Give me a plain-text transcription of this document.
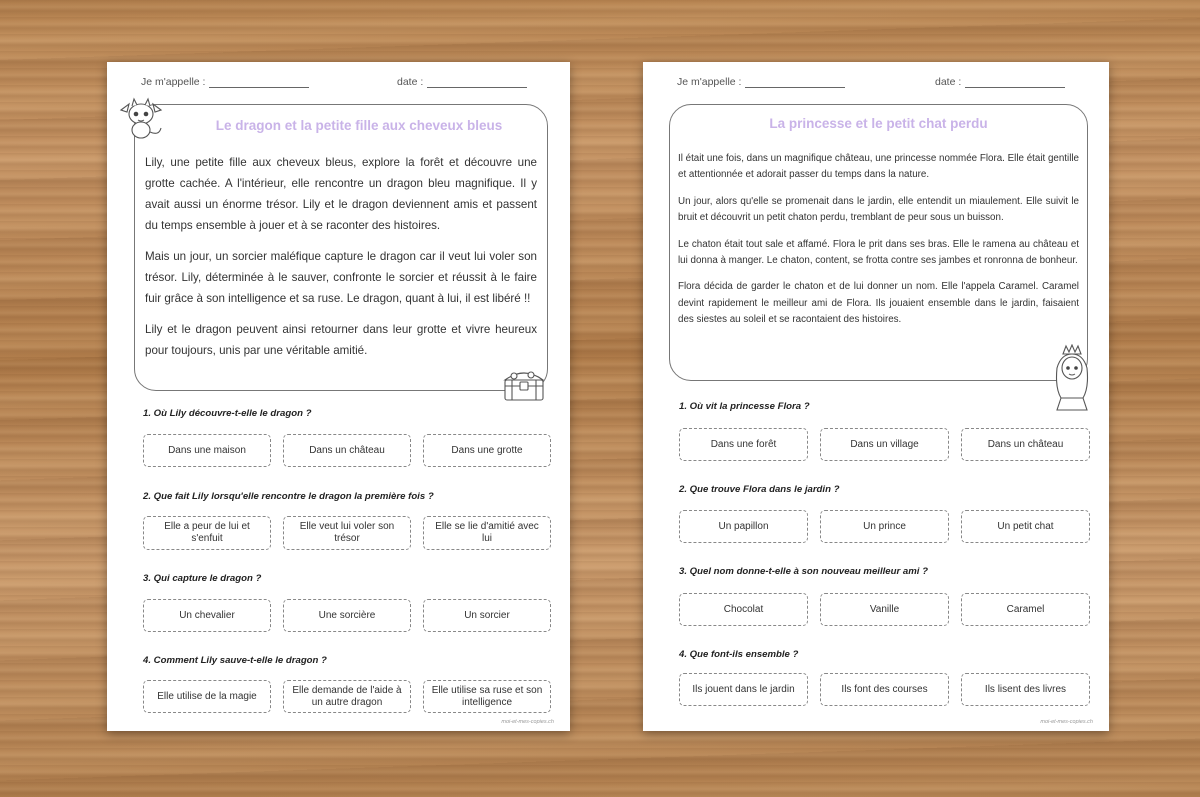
Je m'appelle :	date :
Le dragon et la petite fille aux cheveux bleus

Lily, une petite fille aux cheveux bleus, explore la forêt et découvre une grotte cachée. A l'intérieur, elle rencontre un dragon bleu magnifique. Il y avait aussi un énorme trésor. Lily et le dragon deviennent amis et passent du temps ensemble à jouer et à se raconter des histoires.

Mais un jour, un sorcier maléfique capture le dragon car il veut lui voler son trésor. Lily, déterminée à le sauver, confronte le sorcier et réussit à le faire fuir grâce à son intelligence et sa ruse. Le dragon, quant à lui, il est libéré !!

Lily et le dragon peuvent ainsi retourner dans leur grotte et vivre heureux pour toujours, unis par une véritable amitié.

1. Où Lily découvre-t-elle le dragon ?
Dans une maison	Dans un château	Dans une grotte
2. Que fait Lily lorsqu'elle rencontre le dragon la première fois ?
Elle a peur de lui et s'enfuit
Elle veut lui voler son trésor
Elle se lie d'amitié avec lui
3. Qui capture le dragon ?
Un chevalier	Une sorcière	Un sorcier
4. Comment Lily sauve-t-elle le dragon ?
Elle utilise de la magie
Elle demande de l'aide à un autre dragon
Elle utilise sa ruse et son intelligence
moi-et-mes-copies.ch
Je m'appelle :	date :
La princesse et le petit chat perdu

Il était une fois, dans un magnifique château, une princesse nommée Flora. Elle était gentille et attentionnée et adorait passer du temps dans la nature.

Un jour, alors qu'elle se promenait dans le jardin, elle entendit un miaulement. Elle suivit le bruit et découvrit un petit chaton perdu, tremblant de peur sous un buisson.

Le chaton était tout sale et affamé. Flora le prit dans ses bras. Elle le ramena au château et lui donna à manger. Le chaton, content, se frotta contre ses jambes et ronronna de bonheur.

Flora décida de garder le chaton et de lui donner un nom. Elle l'appela Caramel. Caramel devint rapidement le meilleur ami de Flora. Ils jouaient ensemble dans le jardin, faisaient des siestes au soleil et se racontaient des histoires.

1. Où vit la princesse Flora ?
Dans une forêt	Dans un village	Dans un château
2. Que trouve Flora dans le jardin ?
Un papillon	Un prince	Un petit chat
3. Quel nom donne-t-elle à son nouveau meilleur ami ?
Chocolat	Vanille	Caramel
4. Que font-ils ensemble ?
Ils jouent dans le jardin	Ils font des courses	Ils lisent des livres
moi-et-mes-copies.ch
